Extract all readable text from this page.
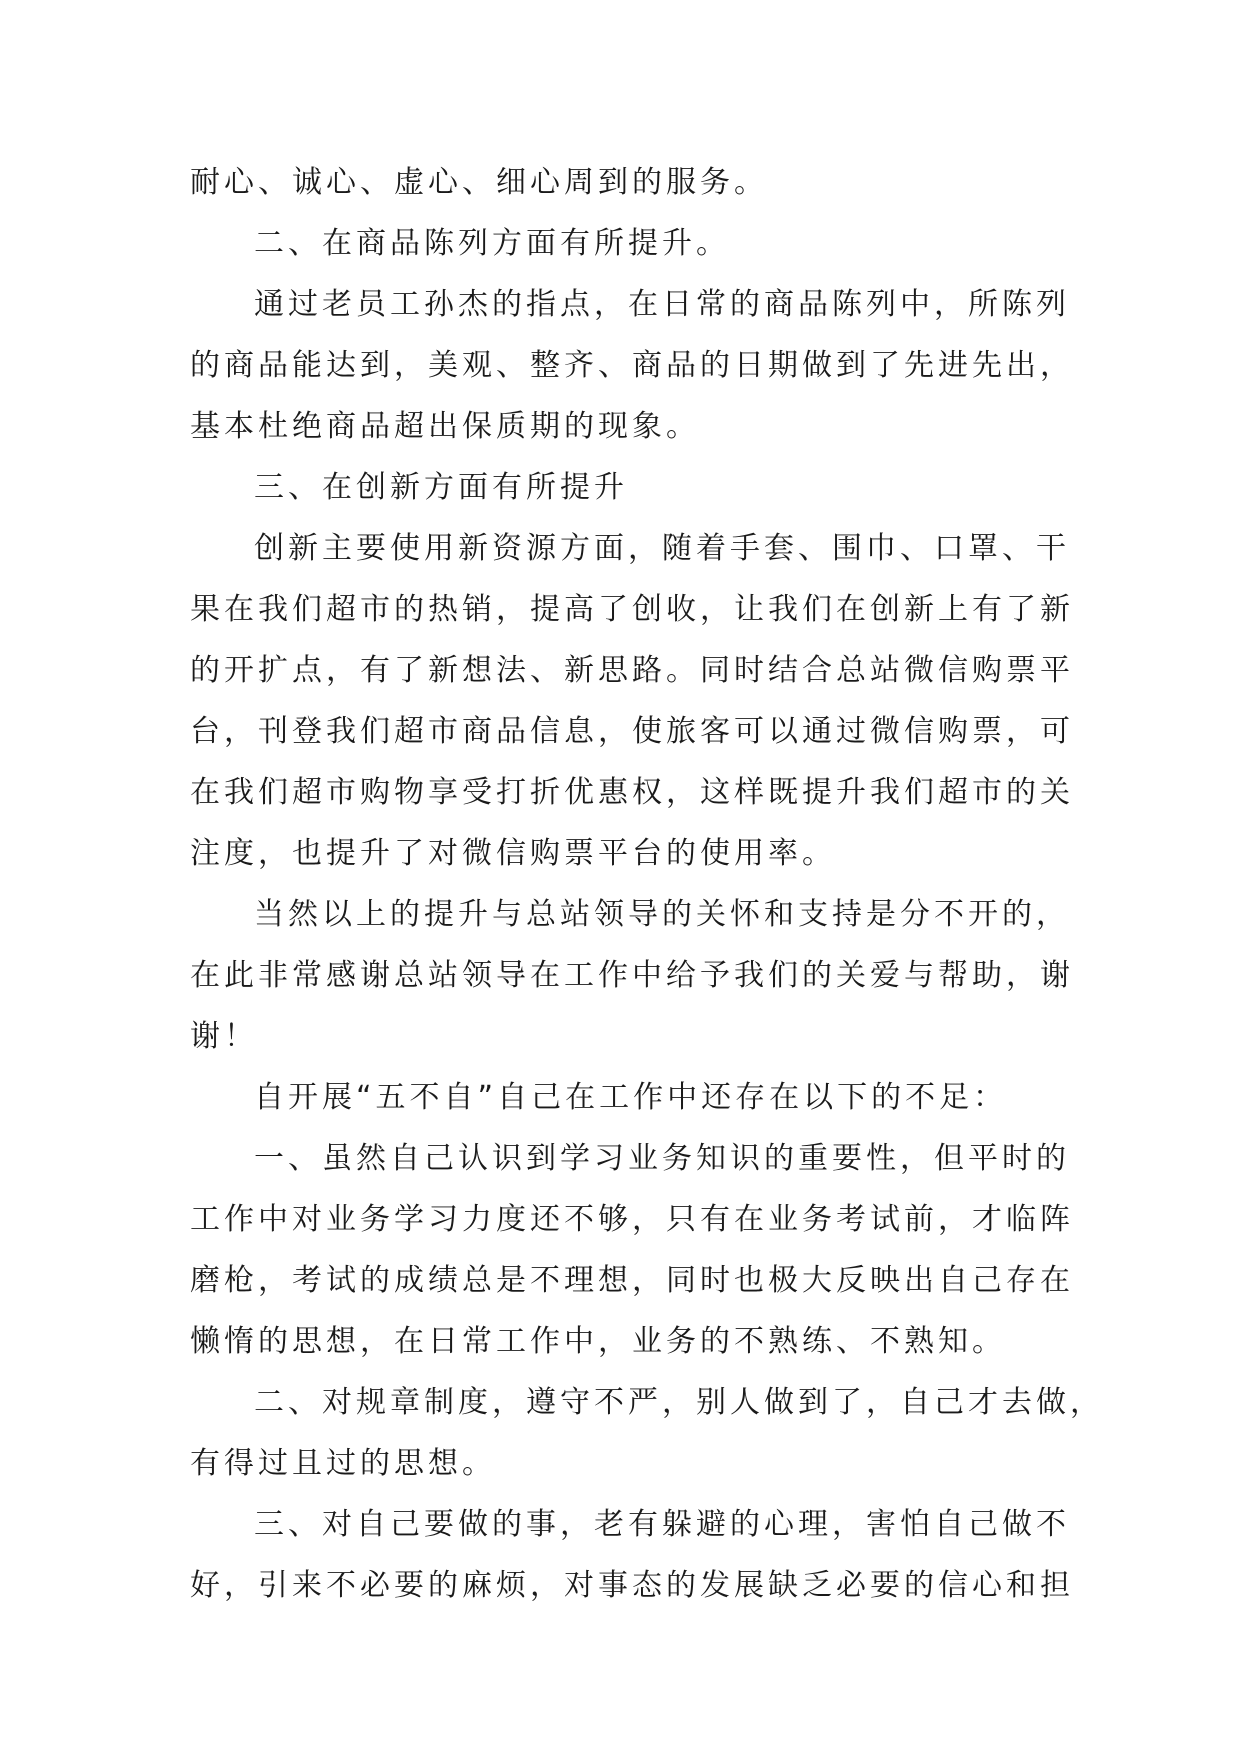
耐心、诚心、虚心、细心周到的服务。
二、在商品陈列方面有所提升。
通过老员工孙杰的指点，在日常的商品陈列中，所陈列
的商品能达到，美观、整齐、商品的日期做到了先进先出，
基本杜绝商品超出保质期的现象。
三、在创新方面有所提升
创新主要使用新资源方面，随着手套、围巾、口罩、干
果在我们超市的热销，提高了创收，让我们在创新上有了新
的开扩点，有了新想法、新思路。同时结合总站微信购票平
台，刊登我们超市商品信息，使旅客可以通过微信购票，可
在我们超市购物享受打折优惠权，这样既提升我们超市的关
注度，也提升了对微信购票平台的使用率。
当然以上的提升与总站领导的关怀和支持是分不开的，
在此非常感谢总站领导在工作中给予我们的关爱与帮助，谢
谢！
自开展“五不自”自己在工作中还存在以下的不足：
一、虽然自己认识到学习业务知识的重要性，但平时的
工作中对业务学习力度还不够，只有在业务考试前，才临阵
磨枪，考试的成绩总是不理想，同时也极大反映出自己存在
懒惰的思想，在日常工作中，业务的不熟练、不熟知。
二、对规章制度，遵守不严，别人做到了，自己才去做，
有得过且过的思想。
三、对自己要做的事，老有躲避的心理，害怕自己做不
好，引来不必要的麻烦，对事态的发展缺乏必要的信心和担
